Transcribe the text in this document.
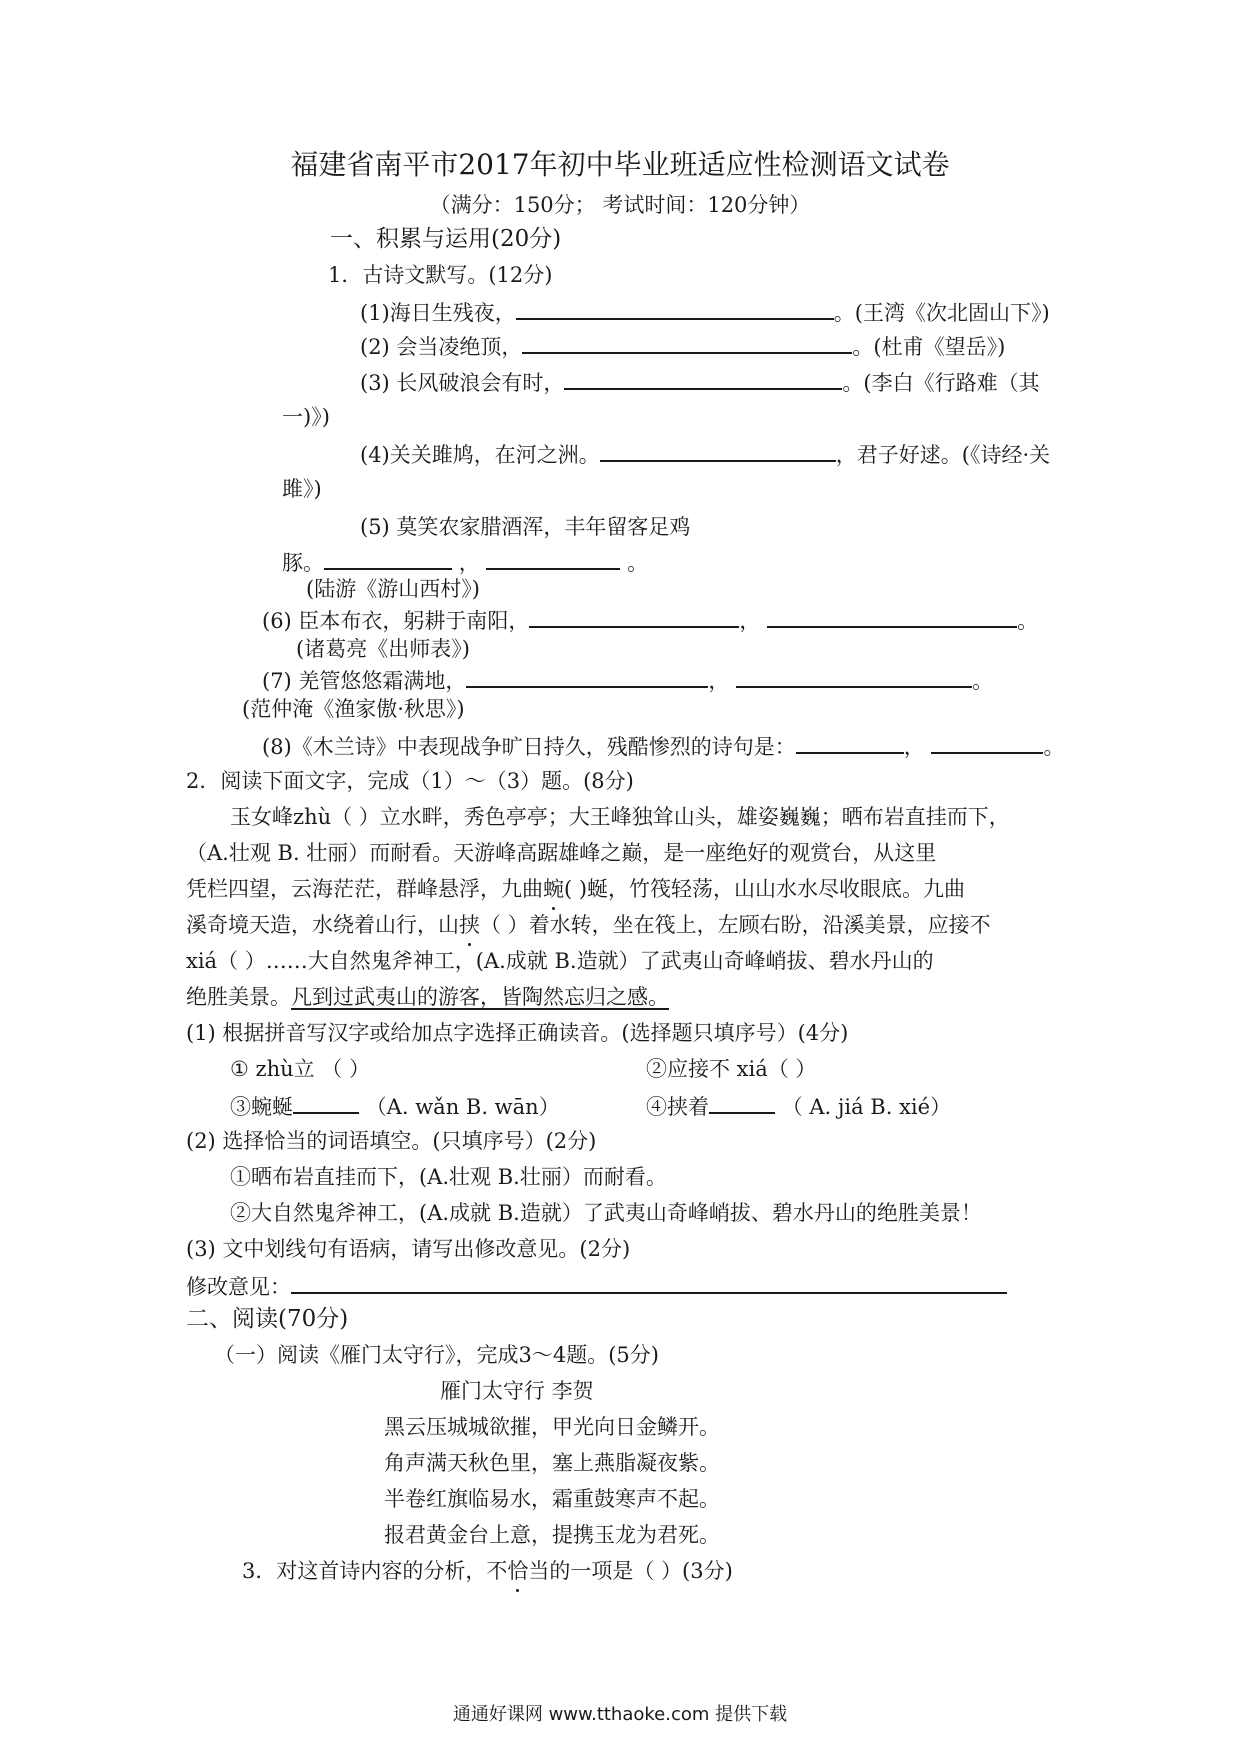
福建省南平市2017年初中毕业班适应性检测语文试卷
（满分：150分； 考试时间：120分钟）
一、积累与运用(20分)
1．古诗文默写。(12分)
(1)海日生残夜，	。(王湾《次北固山下》)
(2) 会当凌绝顶，	。(杜甫《望岳》)
(3) 长风破浪会有时，	。(李白《行路难（其
一)》)
(4)关关雎鸠，在河之洲。	，君子好逑。(《诗经·关
雎》)
(5) 莫笑农家腊酒浑，丰年留客足鸡
豚。	，	。
(陆游《游山西村》)
(6) 臣本布衣，躬耕于南阳，	，	。
(诸葛亮《出师表》)
(7) 羌管悠悠霜满地，	，	。
(范仲淹《渔家傲·秋思》)
(8)《木兰诗》中表现战争旷日持久，残酷惨烈的诗句是：	，	。
2．阅读下面文字，完成（1）～（3）题。(8分)
玉女峰zhù（ ）立水畔，秀色亭亭；大王峰独耸山头，雄姿巍巍；晒布岩直挂而下，
（A.壮观 B. 壮丽）而耐看。天游峰高踞雄峰之巅，是一座绝好的观赏台，从这里
凭栏四望，云海茫茫，群峰悬浮，九曲蜿( )蜒，竹筏轻荡，山山水水尽收眼底。九曲
溪奇境天造，水绕着山行，山挟（ ）着水转，坐在筏上，左顾右盼，沿溪美景，应接不
xiá（ ）……大自然鬼斧神工，(A.成就 B.造就）了武夷山奇峰峭拔、碧水丹山的
绝胜美景。凡到过武夷山的游客，皆陶然忘归之感。
(1) 根据拼音写汉字或给加点字选择正确读音。(选择题只填序号）(4分)
① zhù立 （ ）	②应接不 xiá（ ）
③蜿蜒	（A. wǎn B. wān）	④挟着	（ A. jiá B. xié）
(2) 选择恰当的词语填空。(只填序号）(2分)
①晒布岩直挂而下，(A.壮观 B.壮丽）而耐看。
②大自然鬼斧神工，(A.成就 B.造就）了武夷山奇峰峭拔、碧水丹山的绝胜美景！
(3) 文中划线句有语病，请写出修改意见。(2分)
修改意见：
二、阅读(70分)
（一）阅读《雁门太守行》，完成3～4题。(5分)
雁门太守行 李贺
黑云压城城欲摧，甲光向日金鳞开。
角声满天秋色里，塞上燕脂凝夜紫。
半卷红旗临易水，霜重鼓寒声不起。
报君黄金台上意，提携玉龙为君死。
3．对这首诗内容的分析，不恰当的一项是（ ）(3分)
通通好课网 www.tthaoke.com 提供下载
